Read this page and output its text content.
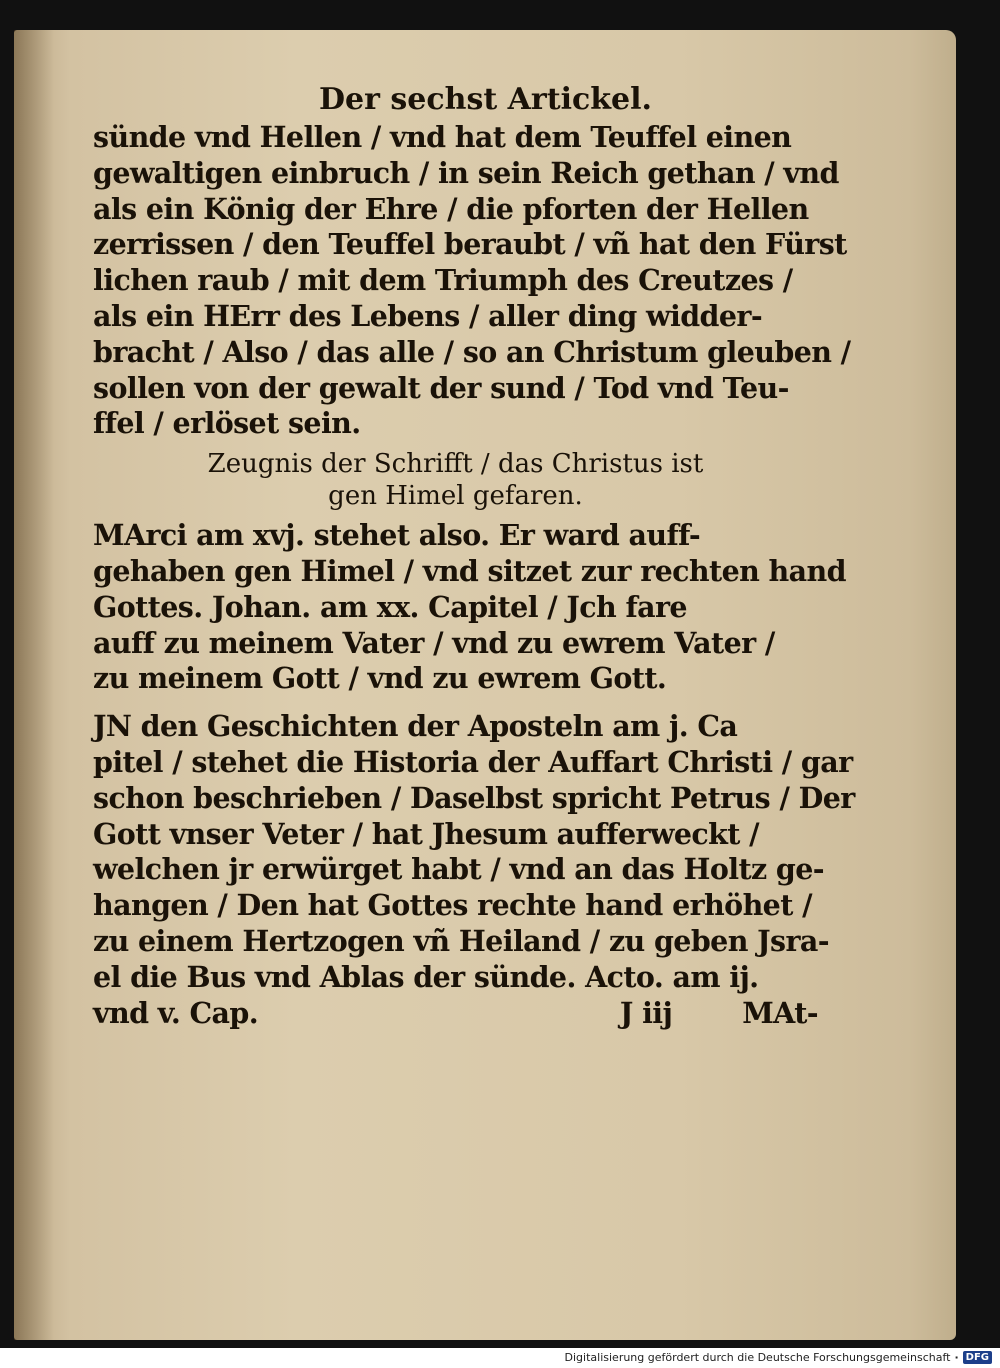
Der sechst Artickel.
sünde vnd Hellen / vnd hat dem Teuffel einen
gewaltigen einbruch / in sein Reich gethan / vnd
als ein König der Ehre / die pforten der Hellen
zerrissen / den Teuffel beraubt / vñ hat den Fürst
lichen raub / mit dem Triumph des Creutzes /
als ein HErr des Lebens / aller ding widder-
bracht / Also / das alle / so an Christum gleuben /
sollen von der gewalt der sund / Tod vnd Teu-
ffel / erlöset sein.
Zeugnis der Schrifft / das Christus ist
gen Himel gefaren.
MArci am xvj. stehet also. Er ward auff-
gehaben gen Himel / vnd sitzet zur rechten hand
Gottes. Johan. am xx. Capitel / Jch fare
auff zu meinem Vater / vnd zu ewrem Vater /
zu meinem Gott / vnd zu ewrem Gott.
JN den Geschichten der Aposteln am j. Ca
pitel / stehet die Historia der Auffart Christi / gar
schon beschrieben / Daselbst spricht Petrus / Der
Gott vnser Veter / hat Jhesum aufferweckt /
welchen jr erwürget habt / vnd an das Holtz ge-
hangen / Den hat Gottes rechte hand erhöhet /
zu einem Hertzogen vñ Heiland / zu geben Jsra-
el die Bus vnd Ablas der sünde. Acto. am ij.
vnd v. Cap.	J iij MAt-
Digitalisierung gefördert durch die Deutsche Forschungsgemeinschaft · DFG
